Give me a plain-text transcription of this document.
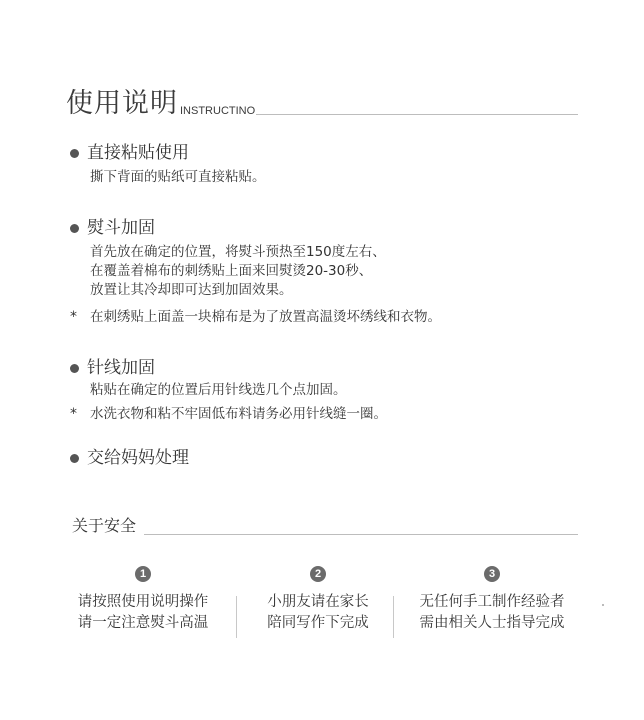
使用说明 INSTRUCTINO
直接粘贴使用
撕下背面的贴纸可直接粘贴。
熨斗加固
首先放在确定的位置，将熨斗预热至150度左右、
在覆盖着棉布的刺绣贴上面来回熨烫20-30秒、
放置让其冷却即可达到加固效果。
* 在刺绣贴上面盖一块棉布是为了放置高温烫坏绣线和衣物。
针线加固
粘贴在确定的位置后用针线选几个点加固。
* 水洗衣物和粘不牢固低布料请务必用针线缝一圈。
交给妈妈处理
关于安全
1
请按照使用说明操作
请一定注意熨斗高温
2
小朋友请在家长
陪同写作下完成
3
无任何手工制作经验者
需由相关人士指导完成
